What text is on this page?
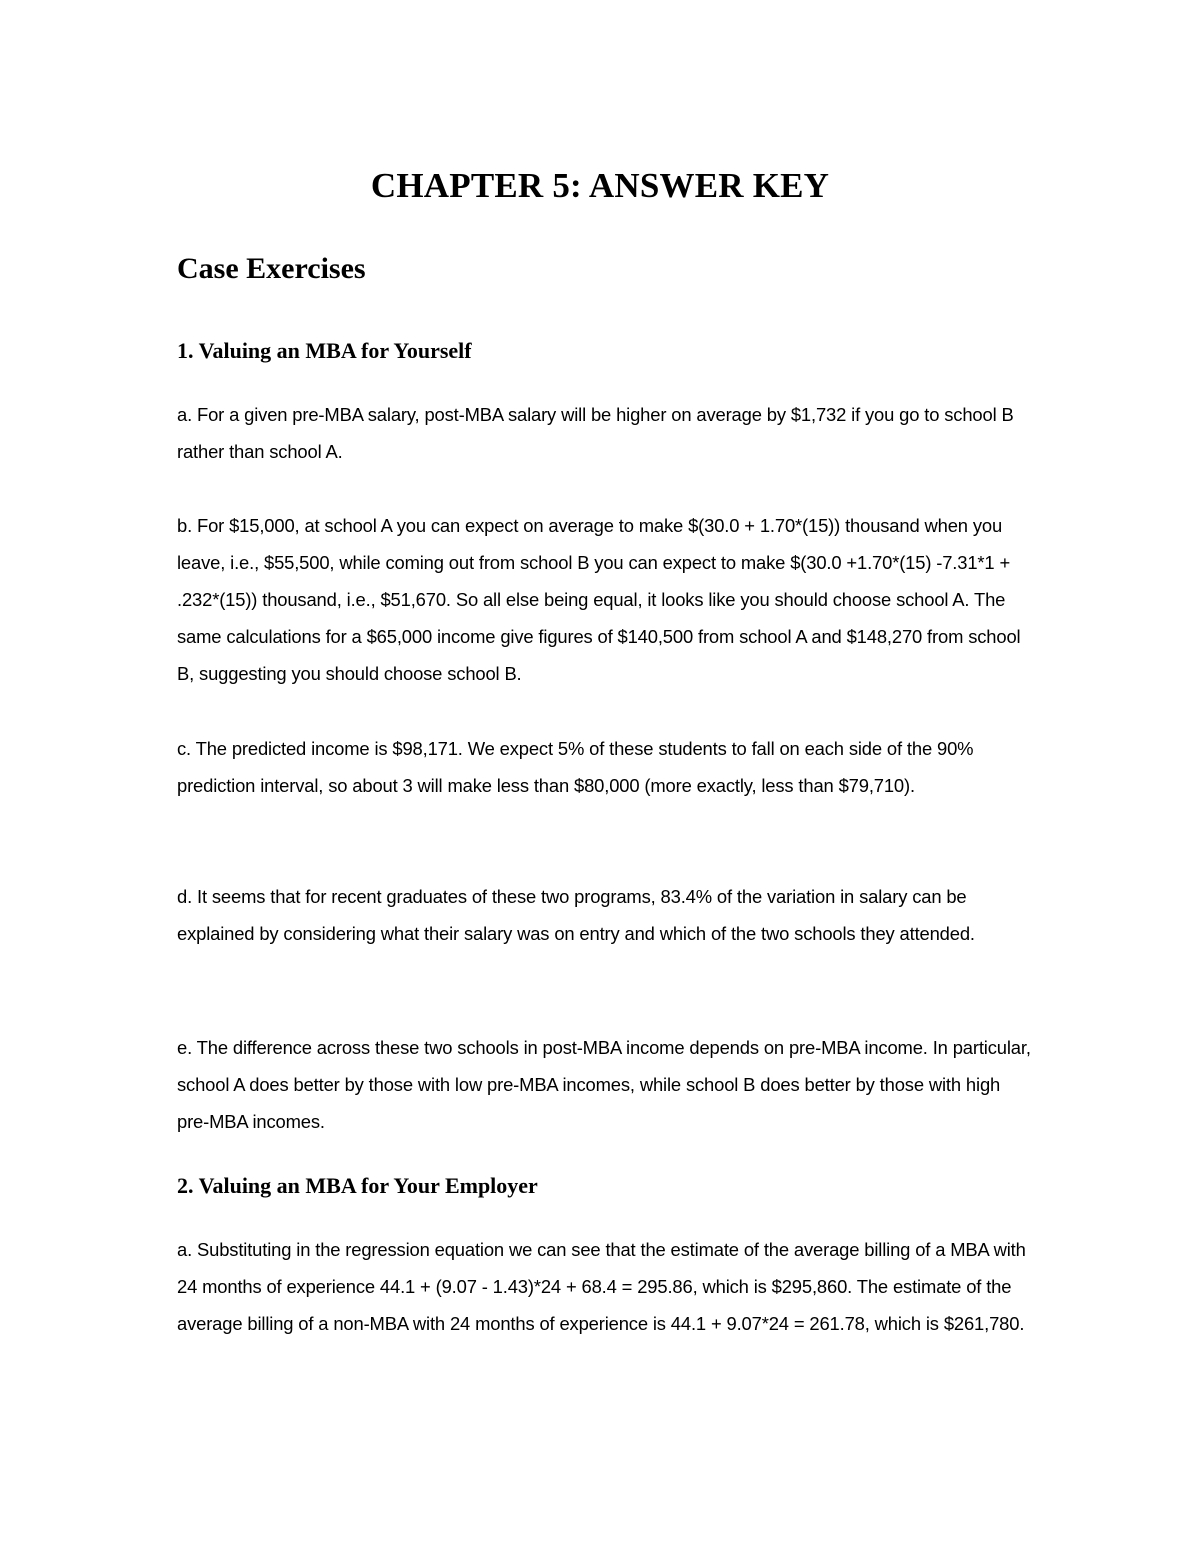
CHAPTER 5: ANSWER KEY
Case Exercises
1. Valuing an MBA for Yourself
a. For a given pre-MBA salary, post-MBA salary will be higher on average by $1,732 if you go to school B rather than school A.
b. For $15,000, at school A you can expect on average to make $(30.0 + 1.70*(15)) thousand when you leave, i.e., $55,500, while coming out from school B you can expect to make $(30.0 +1.70*(15) -7.31*1 + .232*(15)) thousand, i.e., $51,670. So all else being equal, it looks like you should choose school A. The same calculations for a $65,000 income give figures of $140,500 from school A and $148,270 from school B, suggesting you should choose school B.
c. The predicted income is $98,171. We expect 5% of these students to fall on each side of the 90% prediction interval, so about 3 will make less than $80,000 (more exactly, less than $79,710).
d. It seems that for recent graduates of these two programs, 83.4% of the variation in salary can be explained by considering what their salary was on entry and which of the two schools they attended.
e. The difference across these two schools in post-MBA income depends on pre-MBA income. In particular, school A does better by those with low pre-MBA incomes, while school B does better by those with high pre-MBA incomes.
2. Valuing an MBA for Your Employer
a. Substituting in the regression equation we can see that the estimate of the average billing of a MBA with 24 months of experience 44.1 + (9.07 - 1.43)*24 + 68.4 = 295.86, which is $295,860. The estimate of the average billing of a non-MBA with 24 months of experience is 44.1 + 9.07*24 = 261.78, which is $261,780.
